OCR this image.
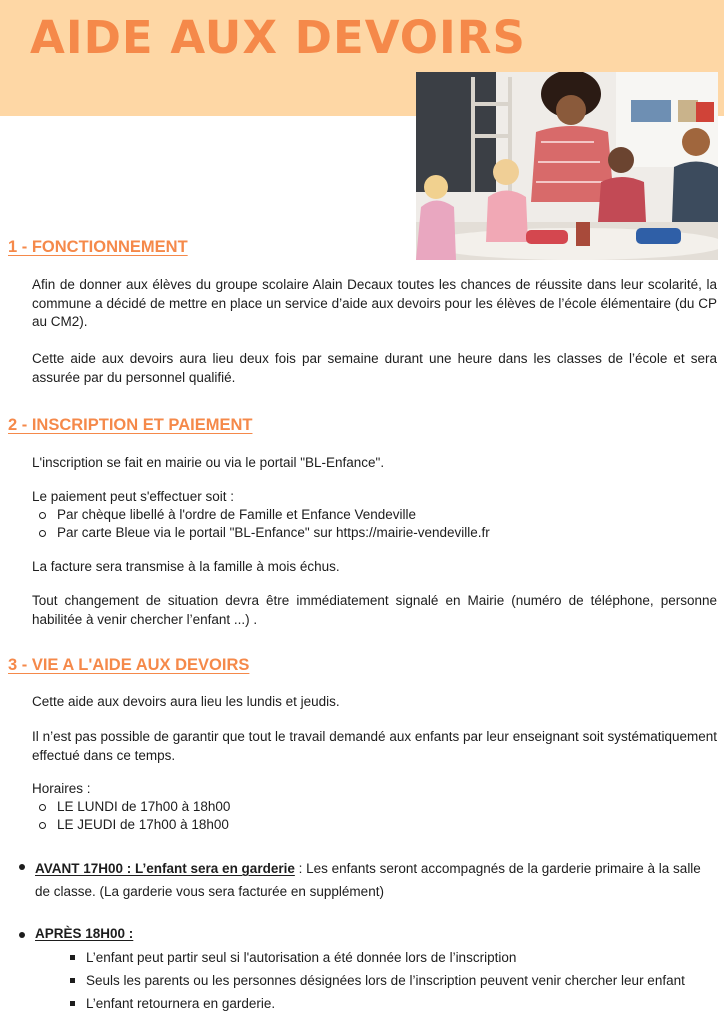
AIDE AUX DEVOIRS
1 - FONCTIONNEMENT

Afin de donner aux élèves du groupe scolaire Alain Decaux toutes les chances de réussite dans leur scolarité, la commune a décidé de mettre en place un service d’aide aux devoirs pour les élèves de l’école élémentaire (du CP au CM2).

Cette aide aux devoirs aura lieu deux fois par semaine durant une heure dans les classes de l’école et sera assurée par du personnel qualifié.

2 - INSCRIPTION ET PAIEMENT

L'inscription se fait en mairie ou via le portail "BL-Enfance".

Le paiement peut s'effectuer soit :

Par chèque libellé à l'ordre de Famille et Enfance Vendeville
Par carte Bleue via le portail "BL-Enfance" sur https://mairie-vendeville.fr

La facture sera transmise à la famille à mois échus.

Tout changement de situation devra être immédiatement signalé en Mairie (numéro de téléphone, personne habilitée à venir chercher l’enfant ...) .

3 - VIE A L'AIDE AUX DEVOIRS

Cette aide aux devoirs aura lieu les lundis et jeudis.

Il n’est pas possible de garantir que tout le travail demandé aux enfants par leur enseignant soit systématiquement effectué dans ce temps.

Horaires :

LE LUNDI de 17h00 à 18h00
LE JEUDI de 17h00 à 18h00

AVANT 17H00 : L’enfant sera en garderie : Les enfants seront accompagnés de la garderie primaire à la salle de classe. (La garderie vous sera facturée en supplément)

APRÈS 18H00 :

L’enfant peut partir seul si l'autorisation a été donnée lors de l’inscription
Seuls les parents ou les personnes désignées lors de l’inscription peuvent venir chercher leur enfant
L’enfant retournera en garderie.
